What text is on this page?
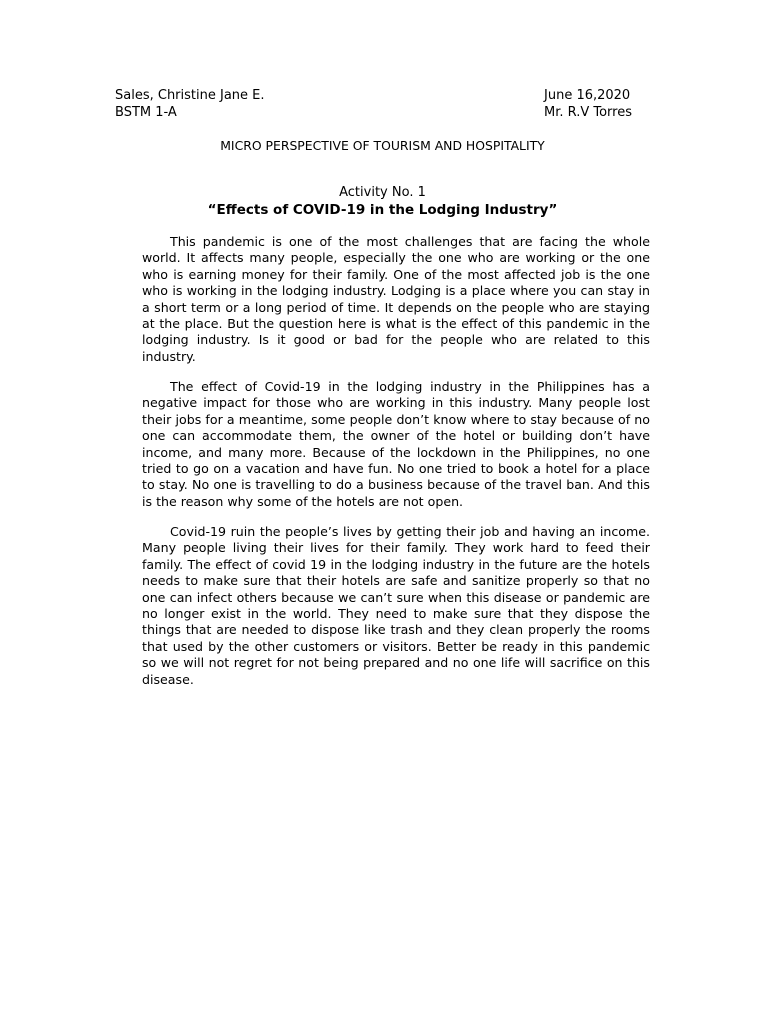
Sales, Christine Jane E.	June 16,2020
BSTM 1-A	Mr. R.V Torres
MICRO PERSPECTIVE OF TOURISM AND HOSPITALITY
Activity No. 1
“Effects of COVID-19 in the Lodging Industry”

This pandemic is one of the most challenges that are facing the whole world. It affects many people, especially the one who are working or the one who is earning money for their family. One of the most affected job is the one who is working in the lodging industry. Lodging is a place where you can stay in a short term or a long period of time. It depends on the people who are staying at the place. But the question here is what is the effect of this pandemic in the lodging industry. Is it good or bad for the people who are related to this industry.

The effect of Covid-19 in the lodging industry in the Philippines has a negative impact for those who are working in this industry. Many people lost their jobs for a meantime, some people don’t know where to stay because of no one can accommodate them, the owner of the hotel or building don’t have income, and many more. Because of the lockdown in the Philippines, no one tried to go on a vacation and have fun. No one tried to book a hotel for a place to stay. No one is travelling to do a business because of the travel ban. And this is the reason why some of the hotels are not open.

Covid-19 ruin the people’s lives by getting their job and having an income. Many people living their lives for their family. They work hard to feed their family. The effect of covid 19 in the lodging industry in the future are the hotels needs to make sure that their hotels are safe and sanitize properly so that no one can infect others because we can’t sure when this disease or pandemic are no longer exist in the world. They need to make sure that they dispose the things that are needed to dispose like trash and they clean properly the rooms that used by the other customers or visitors. Better be ready in this pandemic so we will not regret for not being prepared and no one life will sacrifice on this disease.
